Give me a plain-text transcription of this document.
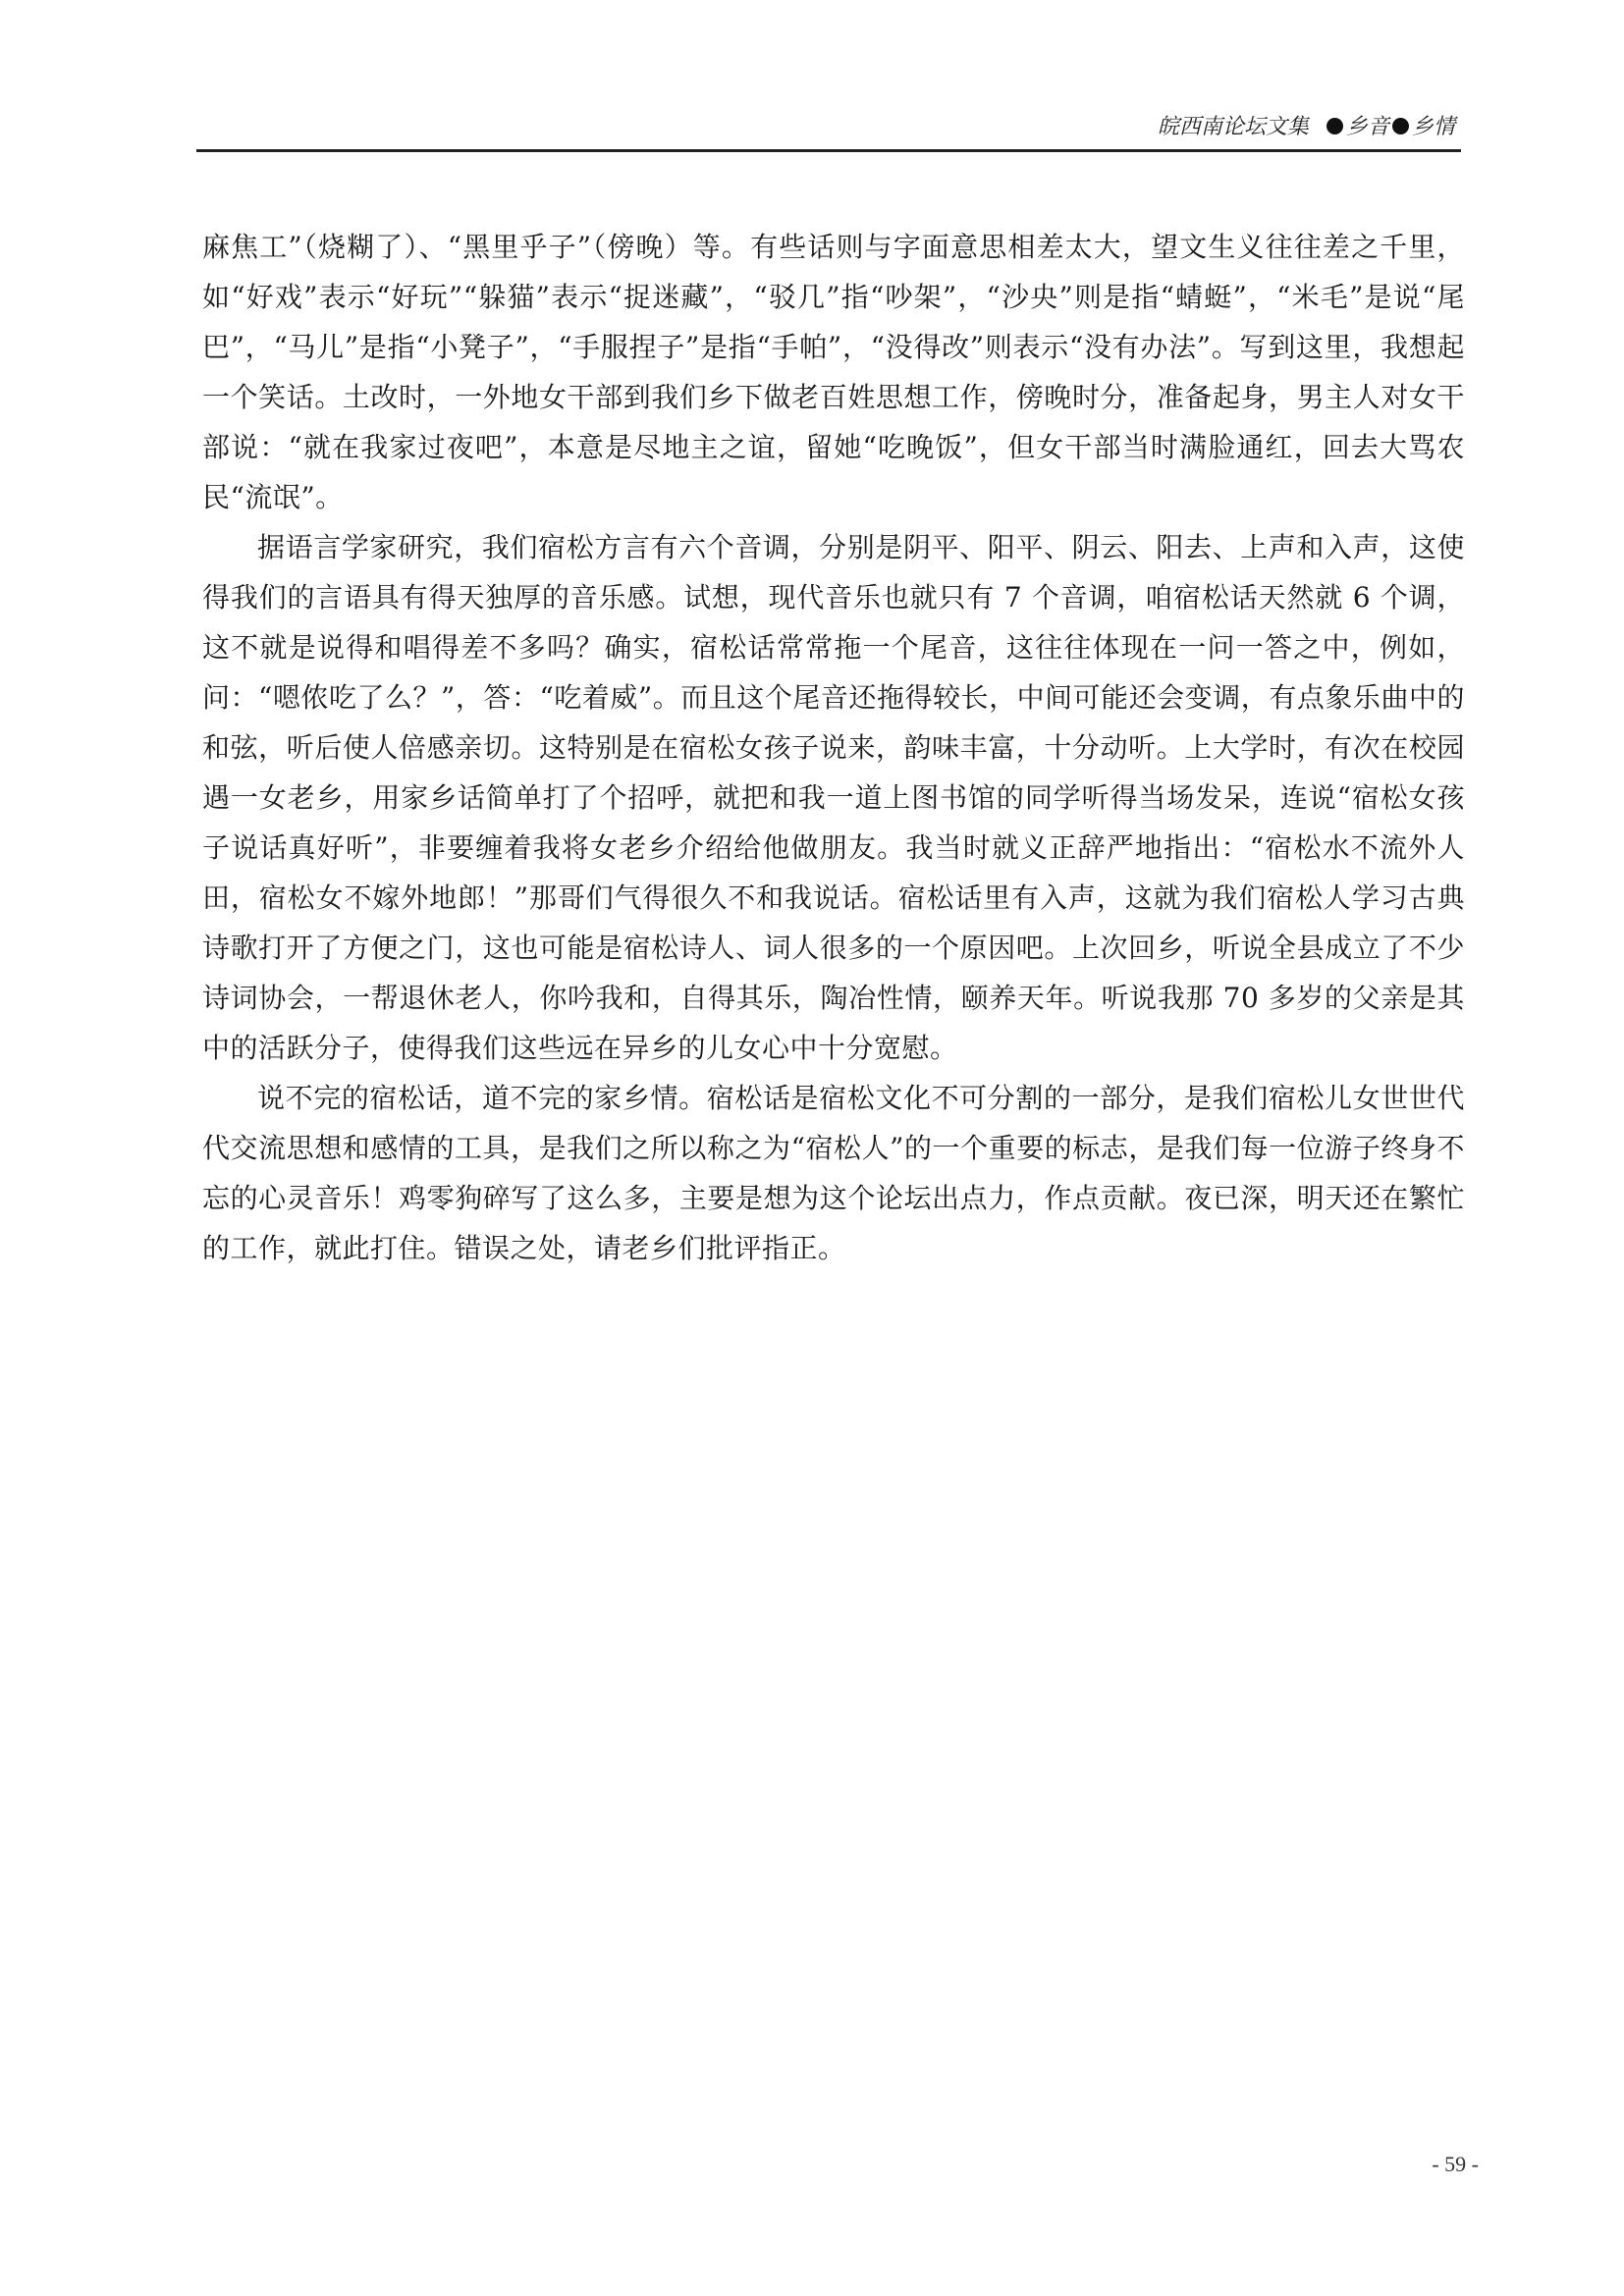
皖西南论坛文集 乡音 乡情

麻焦工”（烧糊了）、“黑里乎子”（傍晚）等。有些话则与字面意思相差太大，望文生义往往差之千里，如“好戏”表示“好玩”“躲猫”表示“捉迷藏”，“驳几”指“吵架”，“沙央”则是指“蜻蜓”，“米毛”是说“尾巴”，“马儿”是指“小凳子”，“手服捏子”是指“手帕”，“没得改”则表示“没有办法”。写到这里，我想起一个笑话。土改时，一外地女干部到我们乡下做老百姓思想工作，傍晚时分，准备起身，男主人对女干部说：“就在我家过夜吧”，本意是尽地主之谊，留她“吃晚饭”，但女干部当时满脸通红，回去大骂农民“流氓”。

据语言学家研究，我们宿松方言有六个音调，分别是阴平、阳平、阴云、阳去、上声和入声，这使得我们的言语具有得天独厚的音乐感。试想，现代音乐也就只有 7 个音调，咱宿松话天然就 6 个调，这不就是说得和唱得差不多吗？确实，宿松话常常拖一个尾音，这往往体现在一问一答之中，例如，问：“嗯侬吃了么？”，答：“吃着威”。而且这个尾音还拖得较长，中间可能还会变调，有点象乐曲中的和弦，听后使人倍感亲切。这特别是在宿松女孩子说来，韵味丰富，十分动听。上大学时，有次在校园遇一女老乡，用家乡话简单打了个招呼，就把和我一道上图书馆的同学听得当场发呆，连说“宿松女孩子说话真好听”，非要缠着我将女老乡介绍给他做朋友。我当时就义正辞严地指出：“宿松水不流外人田，宿松女不嫁外地郎！”那哥们气得很久不和我说话。宿松话里有入声，这就为我们宿松人学习古典诗歌打开了方便之门，这也可能是宿松诗人、词人很多的一个原因吧。上次回乡，听说全县成立了不少诗词协会，一帮退休老人，你吟我和，自得其乐，陶冶性情，颐养天年。听说我那 70 多岁的父亲是其中的活跃分子，使得我们这些远在异乡的儿女心中十分宽慰。

说不完的宿松话，道不完的家乡情。宿松话是宿松文化不可分割的一部分，是我们宿松儿女世世代代交流思想和感情的工具，是我们之所以称之为“宿松人”的一个重要的标志，是我们每一位游子终身不忘的心灵音乐！鸡零狗碎写了这么多，主要是想为这个论坛出点力，作点贡献。夜已深，明天还在繁忙的工作，就此打住。错误之处，请老乡们批评指正。

- 59 -
